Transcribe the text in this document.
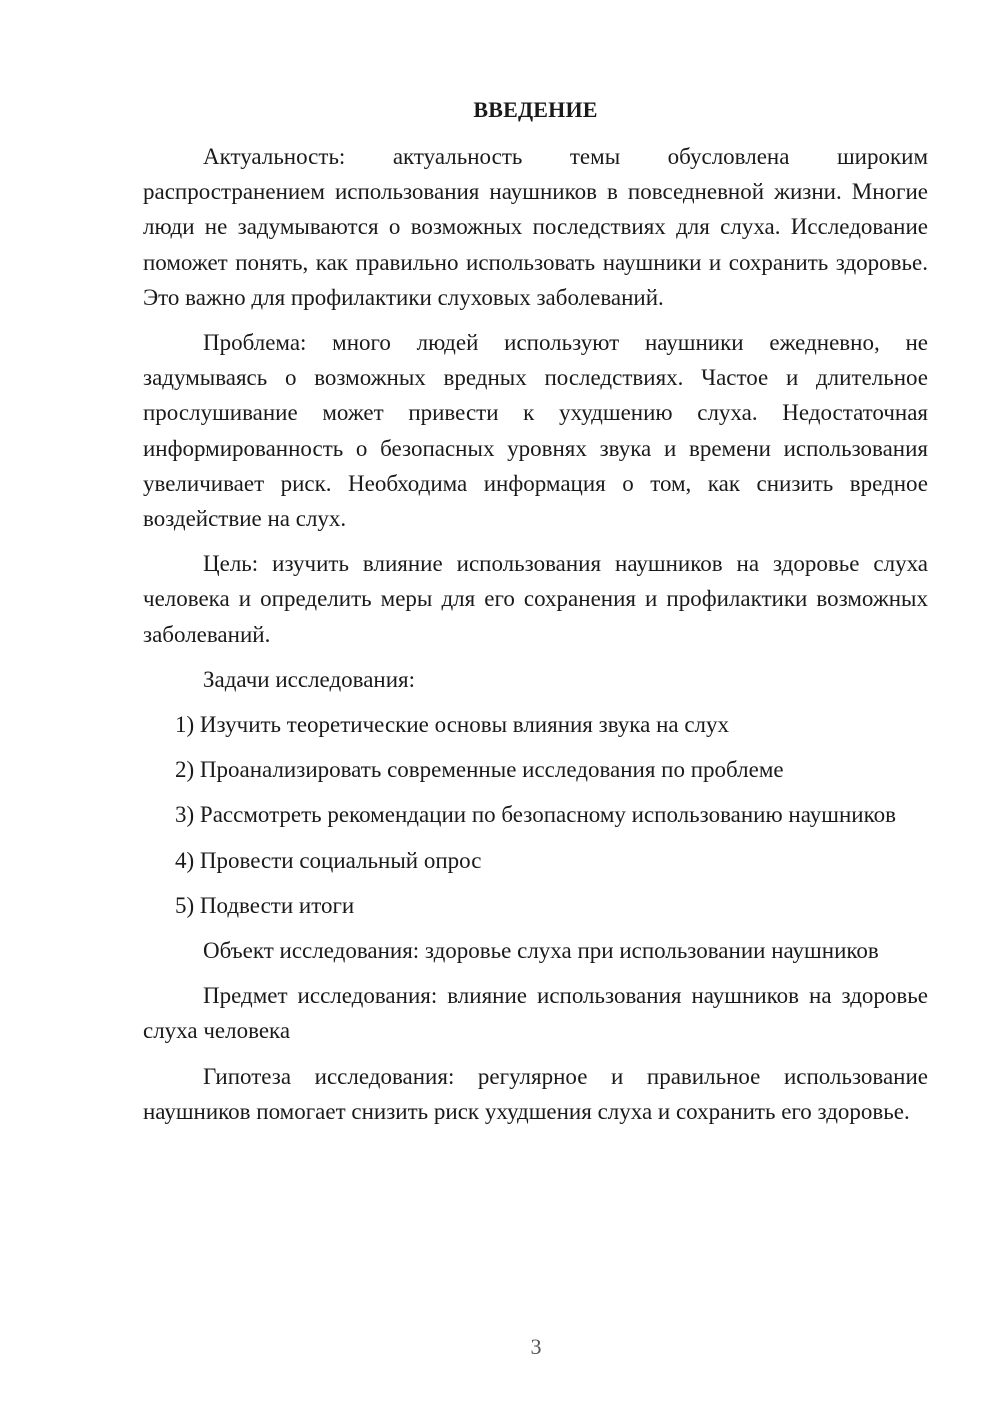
ВВЕДЕНИЕ

Актуальность: актуальность темы обусловлена широким распространением использования наушников в повседневной жизни. Многие люди не задумываются о возможных последствиях для слуха. Исследование поможет понять, как правильно использовать наушники и сохранить здоровье. Это важно для профилактики слуховых заболеваний.

Проблема: много людей используют наушники ежедневно, не задумываясь о возможных вредных последствиях. Частое и длительное прослушивание может привести к ухудшению слуха. Недостаточная информированность о безопасных уровнях звука и времени использования увеличивает риск. Необходима информация о том, как снизить вредное воздействие на слух.

Цель: изучить влияние использования наушников на здоровье слуха человека и определить меры для его сохранения и профилактики возможных заболеваний.

Задачи исследования:

1) Изучить теоретические основы влияния звука на слух

2) Проанализировать современные исследования по проблеме

3) Рассмотреть рекомендации по безопасному использованию наушников

4) Провести социальный опрос

5) Подвести итоги

Объект исследования: здоровье слуха при использовании наушников

Предмет исследования: влияние использования наушников на здоровье слуха человека

Гипотеза исследования: регулярное и правильное использование наушников помогает снизить риск ухудшения слуха и сохранить его здоровье.

3
